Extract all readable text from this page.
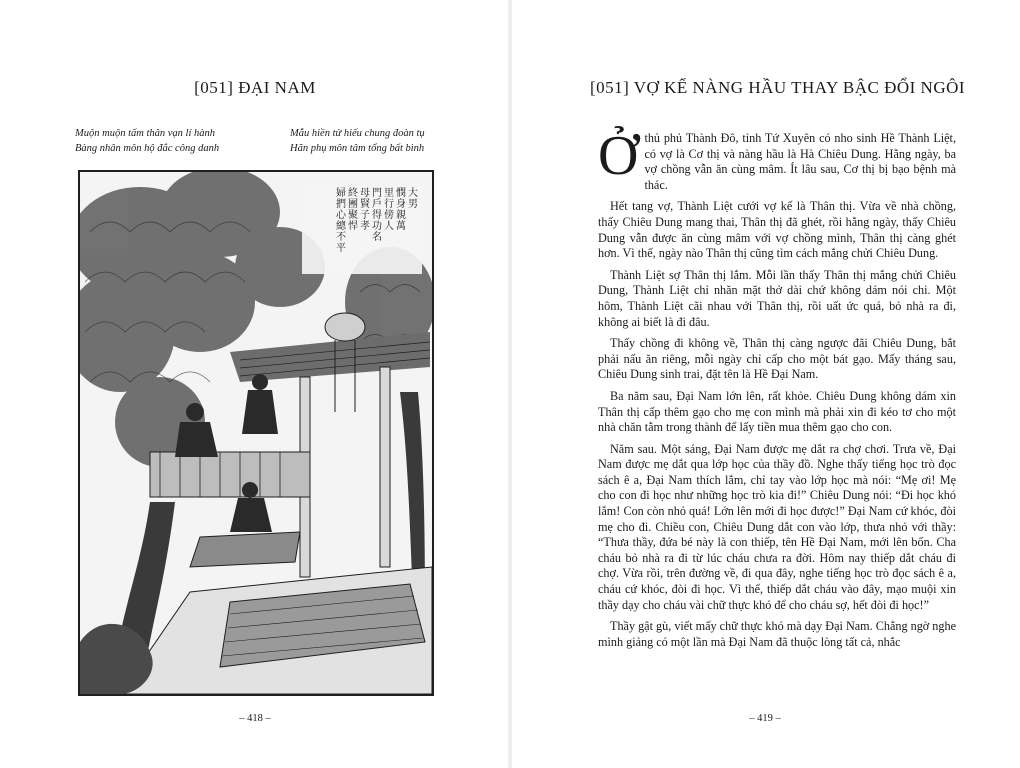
[051] ĐẠI NAM
Muộn muộn tấm thân vạn lí hành
Bàng nhân môn hộ đắc công danh
Mẫu hiền tử hiếu chung đoàn tụ
Hãn phụ môn tâm tổng bất bình
大
男
憫
身
親
萬
里
行
傍
人
門
戶
得
功
名
母
賢
子
孝
終
團
聚
悍
婦
捫
心
總
不
平
– 418 –
[051] VỢ KẾ NÀNG HẦU THAY BẬC ĐỔI NGÔI

Ởthủ phủ Thành Đô, tỉnh Tứ Xuyên có nho sinh Hề Thành Liệt, có vợ là Cơ thị và nàng hầu là Hà Chiêu Dung. Hằng ngày, ba vợ chồng vẫn ăn cùng mâm. Ít lâu sau, Cơ thị bị bạo bệnh mà thác.

Hết tang vợ, Thành Liệt cưới vợ kế là Thân thị. Vừa về nhà chồng, thấy Chiêu Dung mang thai, Thân thị đã ghét, rồi hằng ngày, thấy Chiêu Dung vẫn được ăn cùng mâm với vợ chồng mình, Thân thị càng ghét hơn. Vì thế, ngày nào Thân thị cũng tìm cách mắng chửi Chiêu Dung.

Thành Liệt sợ Thân thị lắm. Mỗi lần thấy Thân thị mắng chửi Chiêu Dung, Thành Liệt chỉ nhăn mặt thở dài chứ không dám nói chi. Một hôm, Thành Liệt cãi nhau với Thân thị, rồi uất ức quá, bỏ nhà ra đi, không ai biết là đi đâu.

Thấy chồng đi không về, Thân thị càng ngược đãi Chiêu Dung, bắt phải nấu ăn riêng, mỗi ngày chỉ cấp cho một bát gạo. Mấy tháng sau, Chiêu Dung sinh trai, đặt tên là Hề Đại Nam.

Ba năm sau, Đại Nam lớn lên, rất khỏe. Chiêu Dung không dám xin Thân thị cấp thêm gạo cho mẹ con mình mà phải xin đi kéo tơ cho một nhà chăn tằm trong thành để lấy tiền mua thêm gạo cho con.

Năm sau. Một sáng, Đại Nam được mẹ dắt ra chợ chơi. Trưa về, Đại Nam được mẹ dắt qua lớp học của thầy đồ. Nghe thấy tiếng học trò đọc sách ê a, Đại Nam thích lắm, chỉ tay vào lớp học mà nói: “Mẹ ơi! Mẹ cho con đi học như những học trò kia đi!” Chiêu Dung nói: “Đi học khó lắm! Con còn nhỏ quá! Lớn lên mới đi học được!” Đại Nam cứ khóc, đòi mẹ cho đi. Chiều con, Chiêu Dung dắt con vào lớp, thưa nhỏ với thầy: “Thưa thầy, đứa bé này là con thiếp, tên Hề Đại Nam, mới lên bốn. Cha cháu bỏ nhà ra đi từ lúc cháu chưa ra đời. Hôm nay thiếp dắt cháu đi chợ. Vừa rồi, trên đường về, đi qua đây, nghe tiếng học trò đọc sách ê a, cháu cứ khóc, đòi đi học. Vì thế, thiếp dắt cháu vào đây, mạo muội xin thầy dạy cho cháu vài chữ thực khó để cho cháu sợ, hết đòi đi học!”

Thầy gật gù, viết mấy chữ thực khó mà dạy Đại Nam. Chẳng ngờ nghe mình giảng có một lần mà Đại Nam đã thuộc lòng tất cả, nhắc

– 419 –
